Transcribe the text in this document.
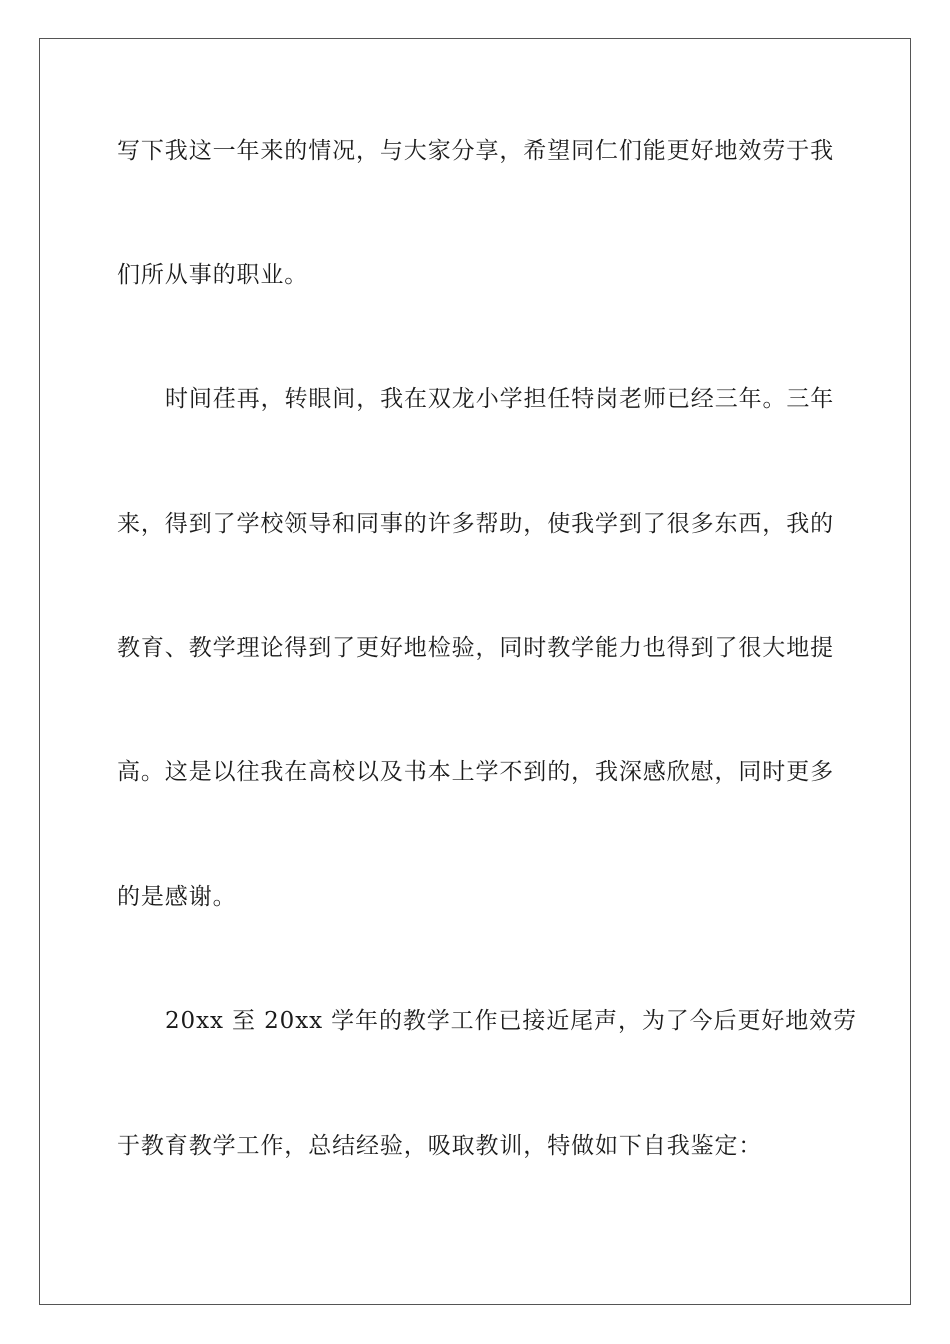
写下我这一年来的情况，与大家分享，希望同仁们能更好地效劳于我
们所从事的职业。
时间荏再，转眼间，我在双龙小学担任特岗老师已经三年。三年
来，得到了学校领导和同事的许多帮助，使我学到了很多东西，我的
教育、教学理论得到了更好地检验，同时教学能力也得到了很大地提
高。这是以往我在高校以及书本上学不到的，我深感欣慰，同时更多
的是感谢。
20xx 至 20xx 学年的教学工作已接近尾声，为了今后更好地效劳
于教育教学工作，总结经验，吸取教训，特做如下自我鉴定：
